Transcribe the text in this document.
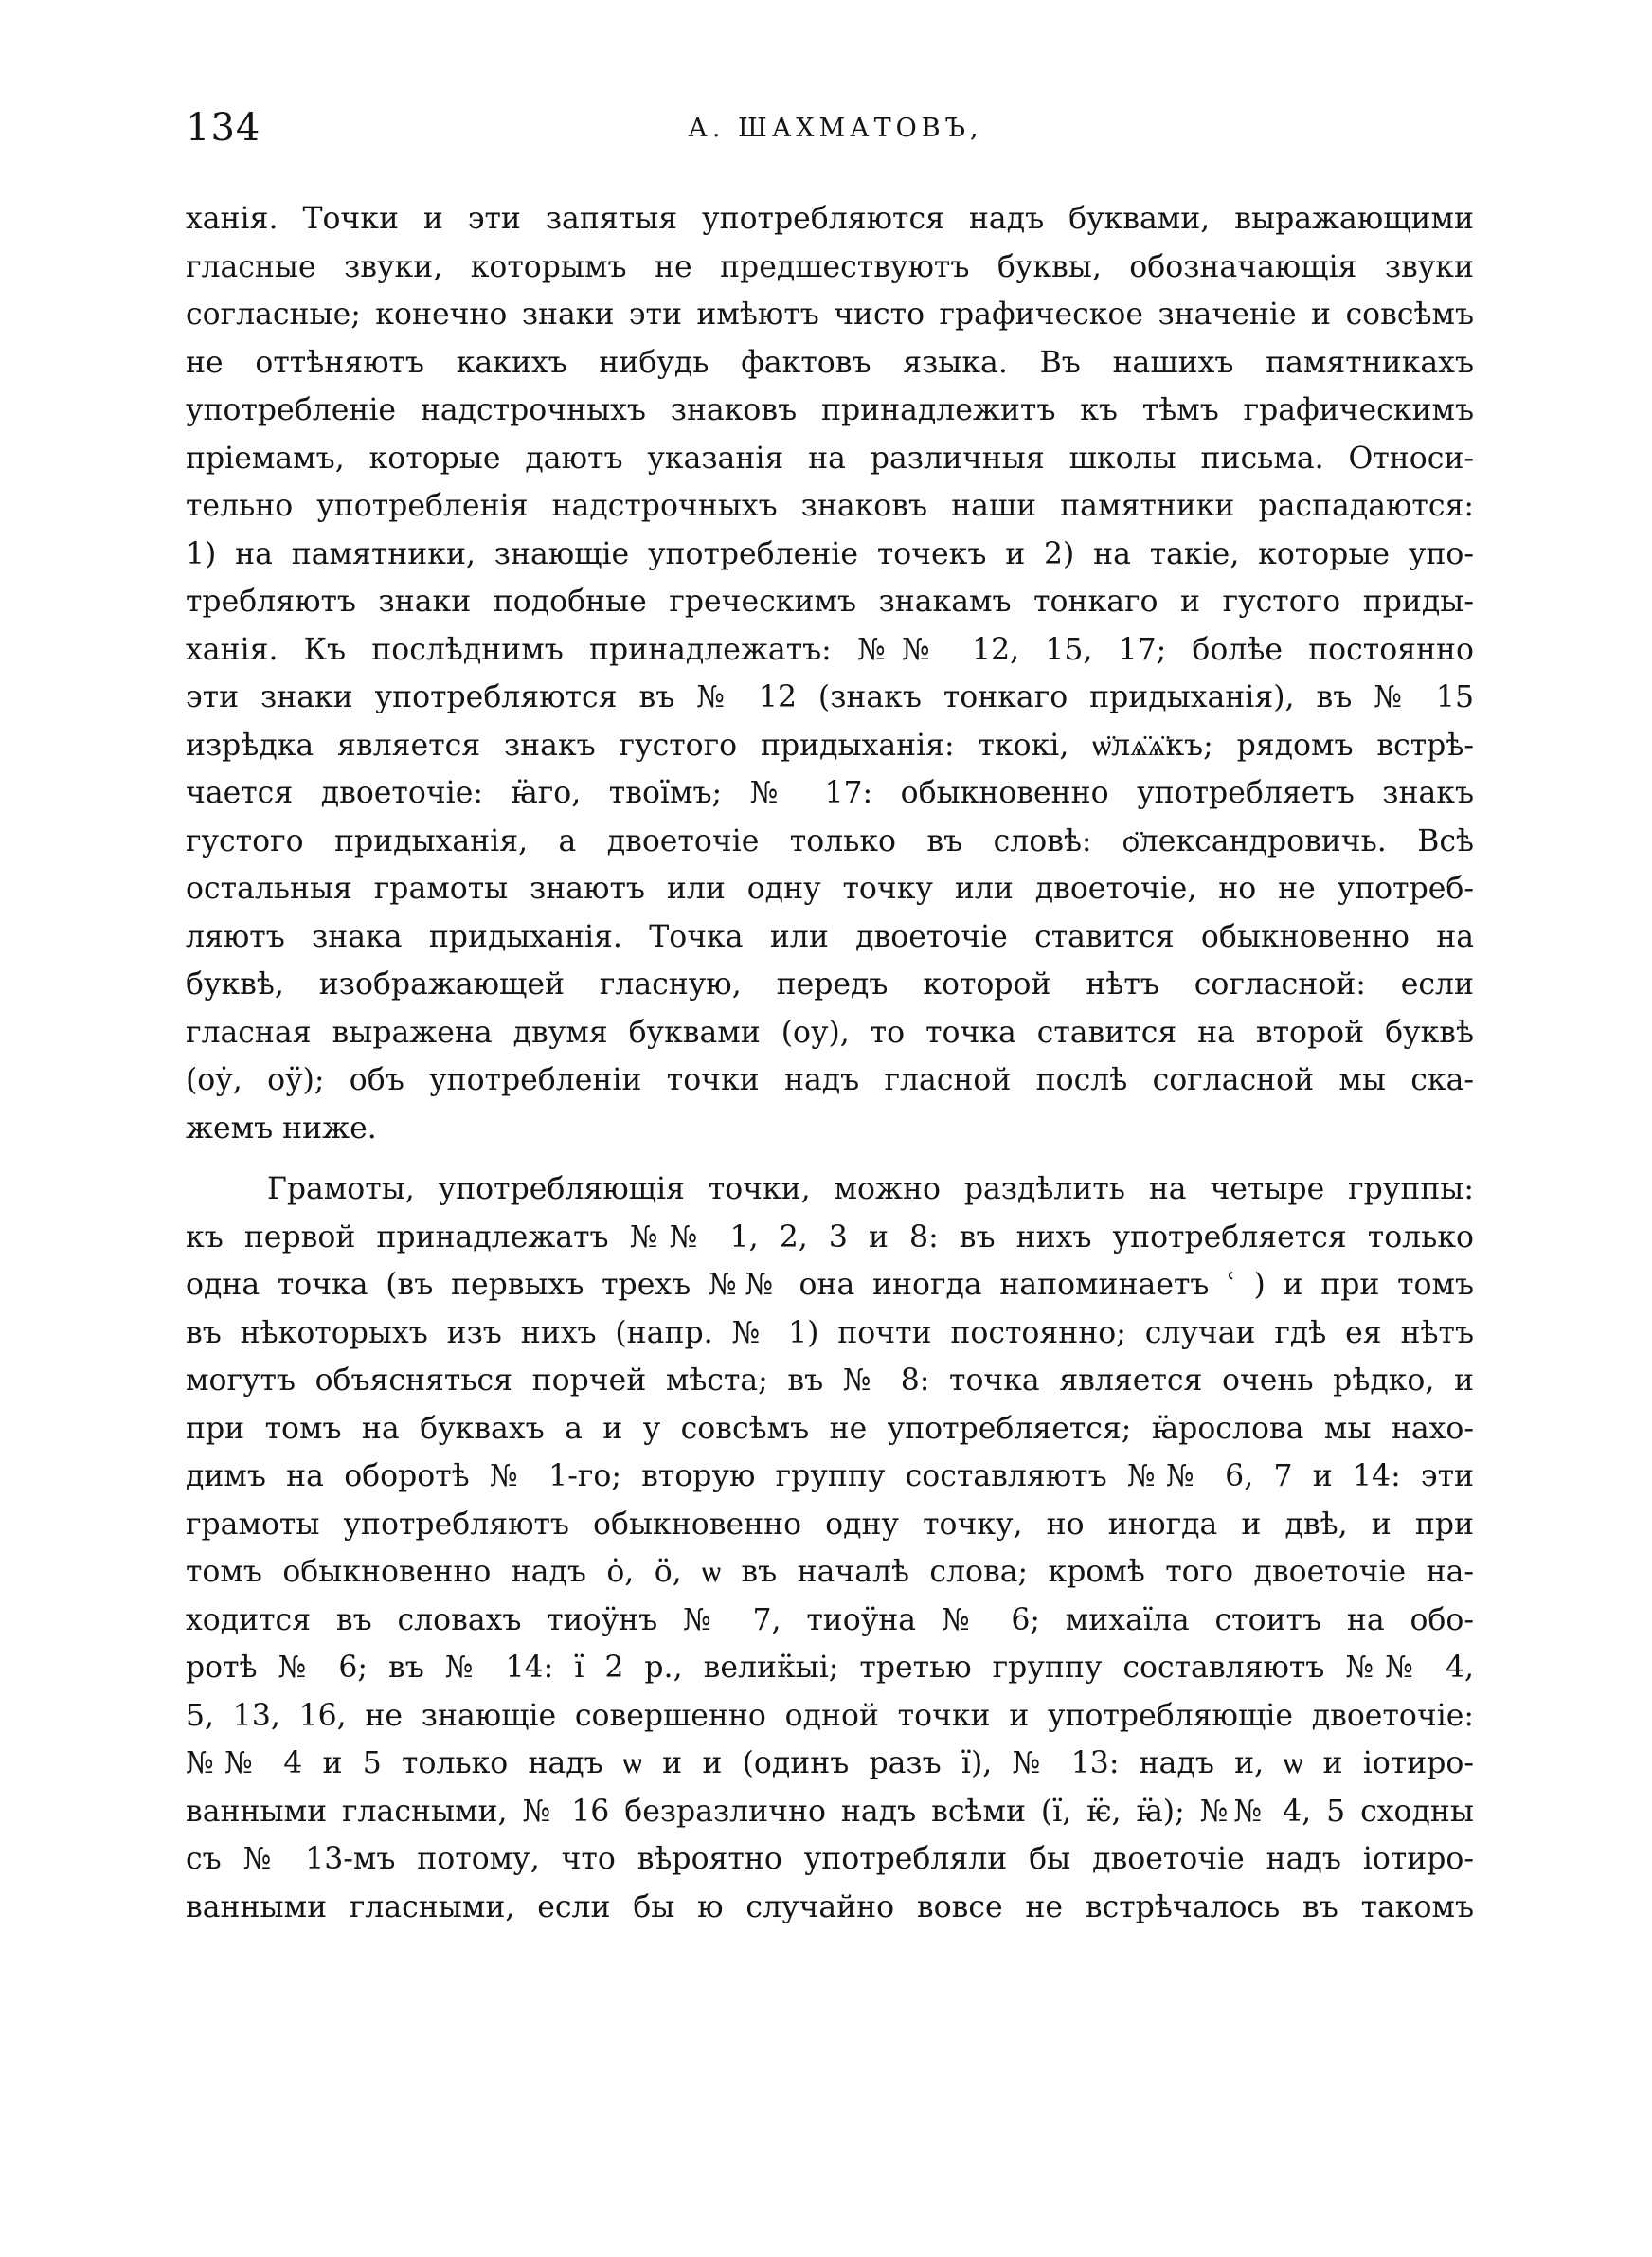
134	А. ШАХМАТОВЪ,
ханія. Точки и эти запятыя употребляются надъ буквами, выражающими
гласные звуки, которымъ не предшествуютъ буквы, обозначающія звуки
согласные; конечно знаки эти имѣютъ чисто графическое значеніе и совсѣмъ
не оттѣняютъ какихъ нибудь фактовъ языка. Въ нашихъ памятникахъ
употребленіе надстрочныхъ знаковъ принадлежитъ къ тѣмъ графическимъ
пріемамъ, которые даютъ указанія на различныя школы письма. Относи-
тельно употребленія надстрочныхъ знаковъ наши памятники распадаются:
1) на памятники, знающіе употребленіе точекъ и 2) на такіе, которые упо-
требляютъ знаки подобные греческимъ знакамъ тонкаго и густого приды-
ханія. Къ послѣднимъ принадлежатъ: №№ 12, 15, 17; болѣе постоянно
эти знаки употребляются въ № 12 (знакъ тонкаго придыханія), въ № 15
изрѣдка является знакъ густого придыханія: ткокі, ѡ̈лѧ̈ѧ̈къ; рядомъ встрѣ-
чается двоеточіе: ꙗ̈го, твоїмъ; № 17: обыкновенно употребляетъ знакъ
густого придыханія, а двоеточіе только въ словѣ: ѻ̈лександровичь. Всѣ
остальныя грамоты знаютъ или одну точку или двоеточіе, но не употреб-
ляютъ знака придыханія. Точка или двоеточіе ставится обыкновенно на
буквѣ, изображающей гласную, передъ которой нѣтъ согласной: если
гласная выражена двумя буквами (оу), то точка ставится на второй буквѣ
(оу̇, оӱ); объ употребленіи точки надъ гласной послѣ согласной мы ска-
жемъ ниже.
Грамоты, употребляющія точки, можно раздѣлить на четыре группы:
къ первой принадлежатъ №№ 1, 2, 3 и 8: въ нихъ употребляется только
одна точка (въ первыхъ трехъ №№ она иногда напоминаетъ ʿ ) и при томъ
въ нѣкоторыхъ изъ нихъ (напр. № 1) почти постоянно; случаи гдѣ ея нѣтъ
могутъ объясняться порчей мѣста; въ № 8: точка является очень рѣдко, и
при томъ на буквахъ а и у совсѣмъ не употребляется; ꙗ̈рослова мы нахо-
димъ на оборотѣ № 1-го; вторую группу составляютъ №№ 6, 7 и 14: эти
грамоты употребляютъ обыкновенно одну точку, но иногда и двѣ, и при
томъ обыкновенно надъ о̇, ӧ, ѡ въ началѣ слова; кромѣ того двоеточіе на-
ходится въ словахъ тиоӱнъ № 7, тиоӱна № 6; михаїла стоитъ на обо-
ротѣ № 6; въ № 14: ї 2 р., велик̈ыі; третью группу составляютъ №№ 4,
5, 13, 16, не знающіе совершенно одной точки и употребляющіе двоеточіе:
№№ 4 и 5 только надъ ѡ и и (одинъ разъ ї), № 13: надъ и, ѡ и іотиро-
ванными гласными, № 16 безразлично надъ всѣми (ї, ѥ̈, ꙗ̈); №№ 4, 5 сходны
съ № 13-мъ потому, что вѣроятно употребляли бы двоеточіе надъ іотиро-
ванными гласными, если бы ю случайно вовсе не встрѣчалось въ такомъ
